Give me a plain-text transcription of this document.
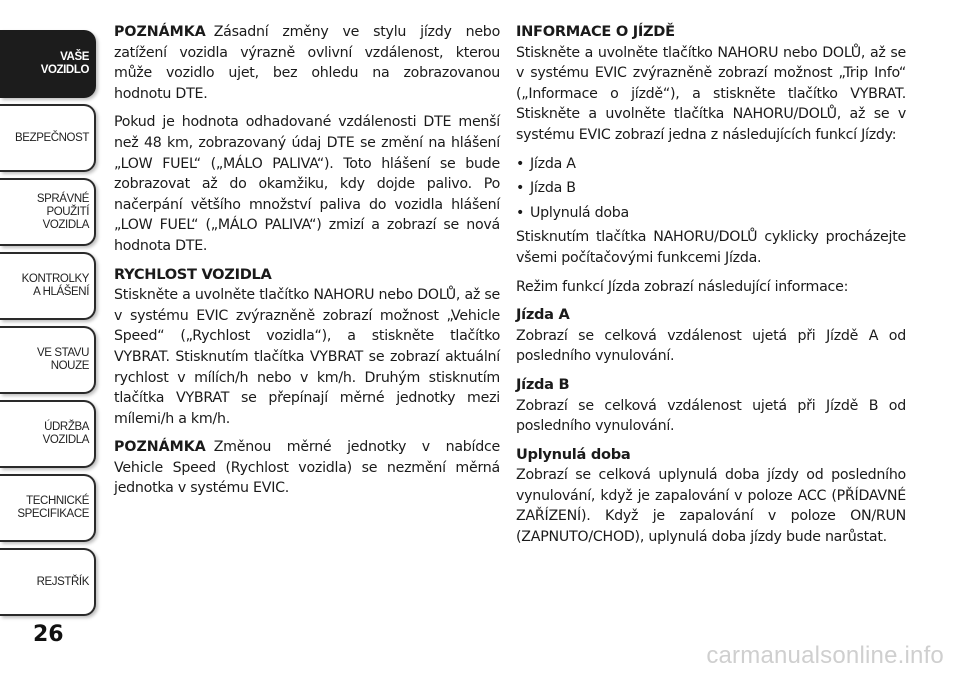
VAŠE
VOZIDLO
BEZPEČNOST
SPRÁVNÉ
POUŽITÍ
VOZIDLA
KONTROLKY
A HLÁŠENÍ
VE STAVU
NOUZE
ÚDRŽBA
VOZIDLA
TECHNICKÉ
SPECIFIKACE
REJSTŘÍK
26

POZNÁMKA Zásadní změny ve stylu jízdy nebo zatížení vozidla výrazně ovlivní vzdálenost, kterou může vozidlo ujet, bez ohledu na zobrazovanou hodnotu DTE.

Pokud je hodnota odhadované vzdálenosti DTE menší než 48 km, zobrazovaný údaj DTE se změní na hlášení „LOW FUEL“ („MÁLO PALIVA“). Toto hlášení se bude zobrazovat až do okamžiku, kdy dojde palivo. Po načerpání většího množství paliva do vozidla hlášení „LOW FUEL“ („MÁLO PALIVA“) zmizí a zobrazí se nová hodnota DTE.

RYCHLOST VOZIDLA

Stiskněte a uvolněte tlačítko NAHORU nebo DOLŮ, až se v systému EVIC zvýrazněně zobrazí možnost „Vehicle Speed“ („Rychlost vozidla“), a stiskněte tlačítko VYBRAT. Stisknutím tlačítka VYBRAT se zobrazí aktuální rychlost v mílích/h nebo v km/h. Druhým stisknutím tlačítka VYBRAT se přepínají měrné jednotky mezi mílemi/h a km/h.

POZNÁMKA Změnou měrné jednotky v nabídce Vehicle Speed (Rychlost vozidla) se nezmění měrná jednotka v systému EVIC.

INFORMACE O JÍZDĚ

Stiskněte a uvolněte tlačítko NAHORU nebo DOLŮ, až se v systému EVIC zvýrazněně zobrazí možnost „Trip Info“ („Informace o jízdě“), a stiskněte tlačítko VYBRAT. Stiskněte a uvolněte tlačítka NAHORU/DOLŮ, až se v systému EVIC zobrazí jedna z následujících funkcí Jízdy:

• Jízda A
• Jízda B
• Uplynulá doba

Stisknutím tlačítka NAHORU/DOLŮ cyklicky procházejte všemi počítačovými funkcemi Jízda.

Režim funkcí Jízda zobrazí následující informace:

Jízda A

Zobrazí se celková vzdálenost ujetá při Jízdě A od posledního vynulování.

Jízda B

Zobrazí se celková vzdálenost ujetá při Jízdě B od posledního vynulování.

Uplynulá doba

Zobrazí se celková uplynulá doba jízdy od posledního vynulování, když je zapalování v poloze ACC (PŘÍDAVNÉ ZAŘÍZENÍ). Když je zapalování v poloze ON/RUN (ZAPNUTO/CHOD), uplynulá doba jízdy bude narůstat.

carmanualsonline.info
